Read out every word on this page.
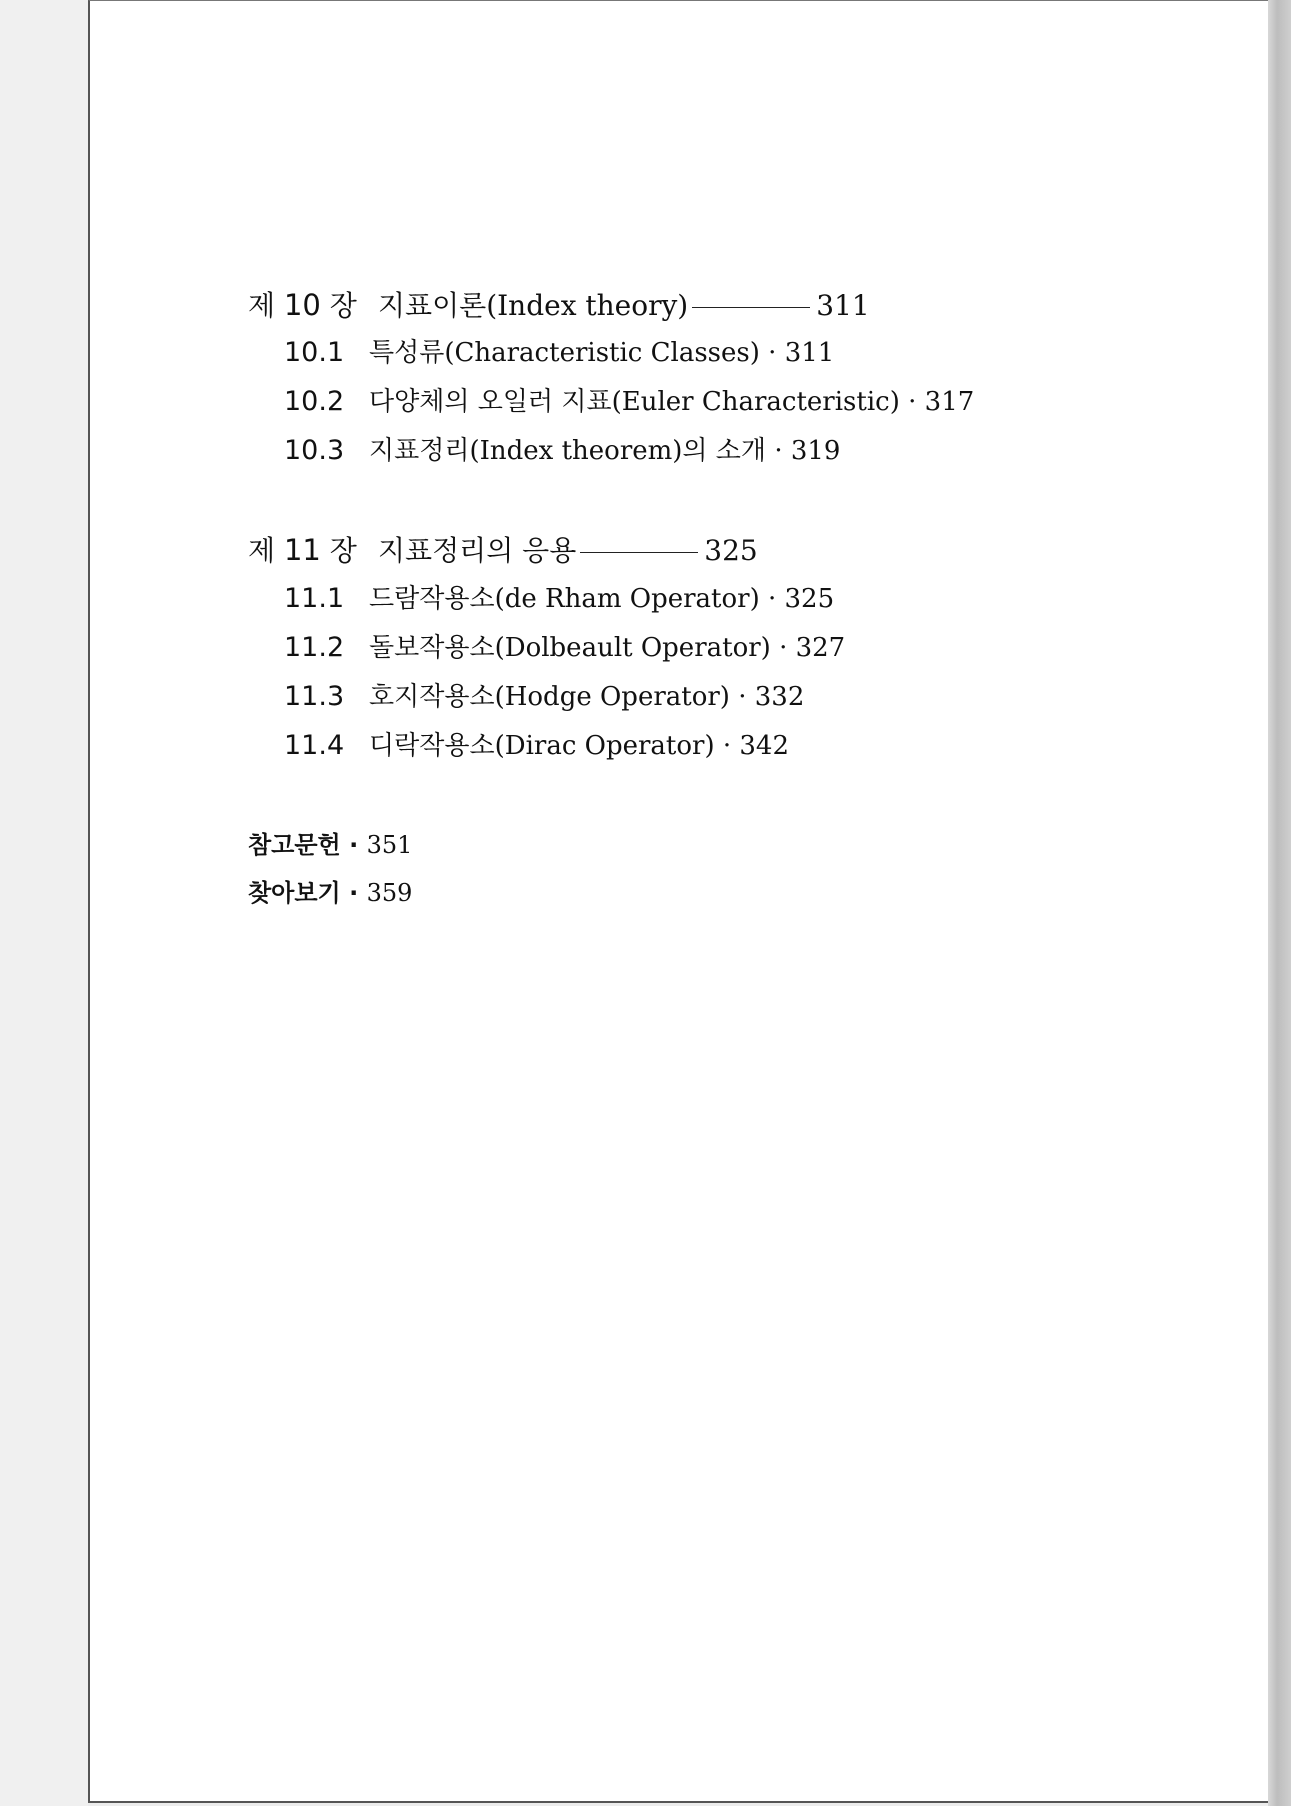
제 10 장 지표이론(Index theory)	311
10.1 특성류(Characteristic Classes) · 311
10.2 다양체의 오일러 지표(Euler Characteristic) · 317
10.3 지표정리(Index theorem)의 소개 · 319
제 11 장 지표정리의 응용	325
11.1 드람작용소(de Rham Operator) · 325
11.2 돌보작용소(Dolbeault Operator) · 327
11.3 호지작용소(Hodge Operator) · 332
11.4 디락작용소(Dirac Operator) · 342
참고문헌 · 351
찾아보기 · 359
